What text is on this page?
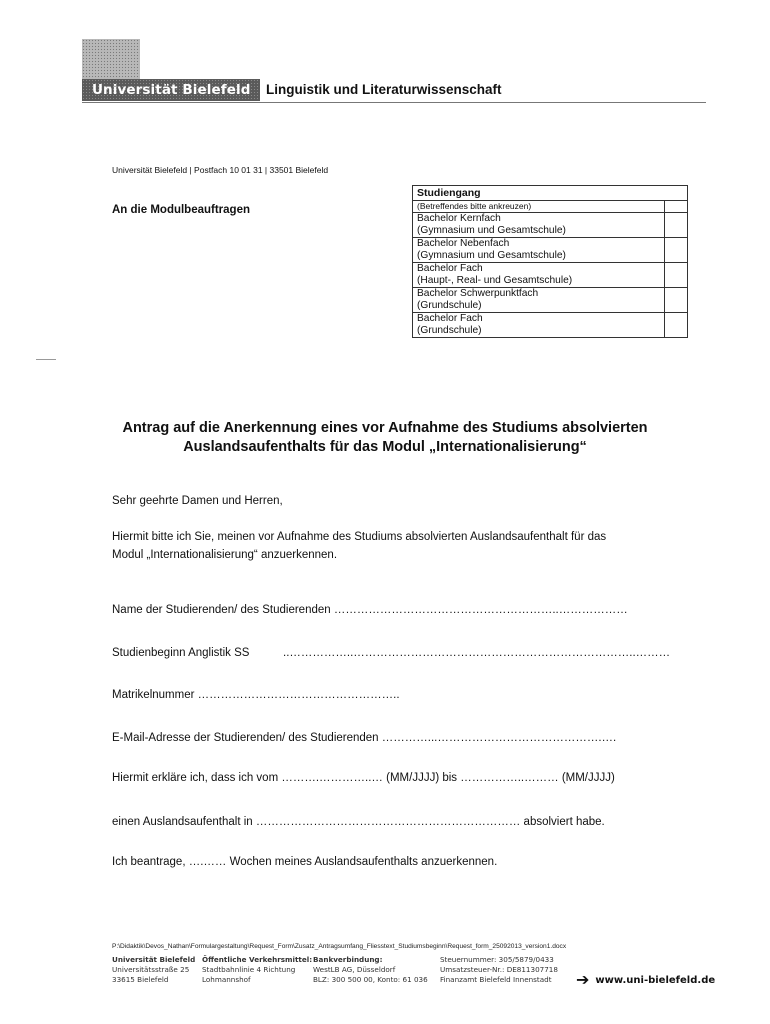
Universität Bielefeld	Linguistik und Literaturwissenschaft
Universität Bielefeld | Postfach 10 01 31 | 33501 Bielefeld
An die Modulbeauftragen
Studiengang	
(Betreffendes bitte ankreuzen)	

Bachelor Kernfach
(Gymnasium und Gesamtschule)	

Bachelor Nebenfach
(Gymnasium und Gesamtschule)	

Bachelor Fach
(Haupt-, Real- und Gesamtschule)	

Bachelor Schwerpunktfach
(Grundschule)	

Bachelor Fach
(Grundschule)	

Antrag auf die Anerkennung eines vor Aufnahme des Studiums absolvierten
Auslandsaufenthalts für das Modul „Internationalisierung“
Sehr geehrte Damen und Herren,
Hiermit bitte ich Sie, meinen vor Aufnahme des Studiums absolvierten Auslandsaufenthalt für das
Modul „Internationalisierung“ anzuerkennen.
Name der Studierenden/ des Studierenden …………………………………………………..………………
Studienbeginn Anglistik SS	..……………..………………………………………………………………..………
Matrikelnummer ……………………………………………..
E-Mail-Adresse der Studierenden/ des Studierenden …………...…………………………………….….
Hiermit erkläre ich, dass ich vom ……….…………..… (MM/JJJJ) bis ……………..……… (MM/JJJJ)
einen Auslandsaufenthalt in …………………………………………………………… absolviert habe.
Ich beantrage, ….…… Wochen meines Auslandsaufenthalts anzuerkennen.
P:\Didaktik\Devos_Nathan\Formulargestaltung\Request_Form\Zusatz_Antragsumfang_Fliesstext_Studiumsbeginn\Request_form_25092013_version1.docx
Universität Bielefeld
Universitätsstraße 25
33615 Bielefeld
Öffentliche Verkehrsmittel:
Stadtbahnlinie 4 Richtung
Lohmannshof
Bankverbindung:
WestLB AG, Düsseldorf
BLZ: 300 500 00, Konto: 61 036
Steuernummer: 305/5879/0433
Umsatzsteuer-Nr.: DE811307718
Finanzamt Bielefeld Innenstadt	➔ www.uni-bielefeld.de
